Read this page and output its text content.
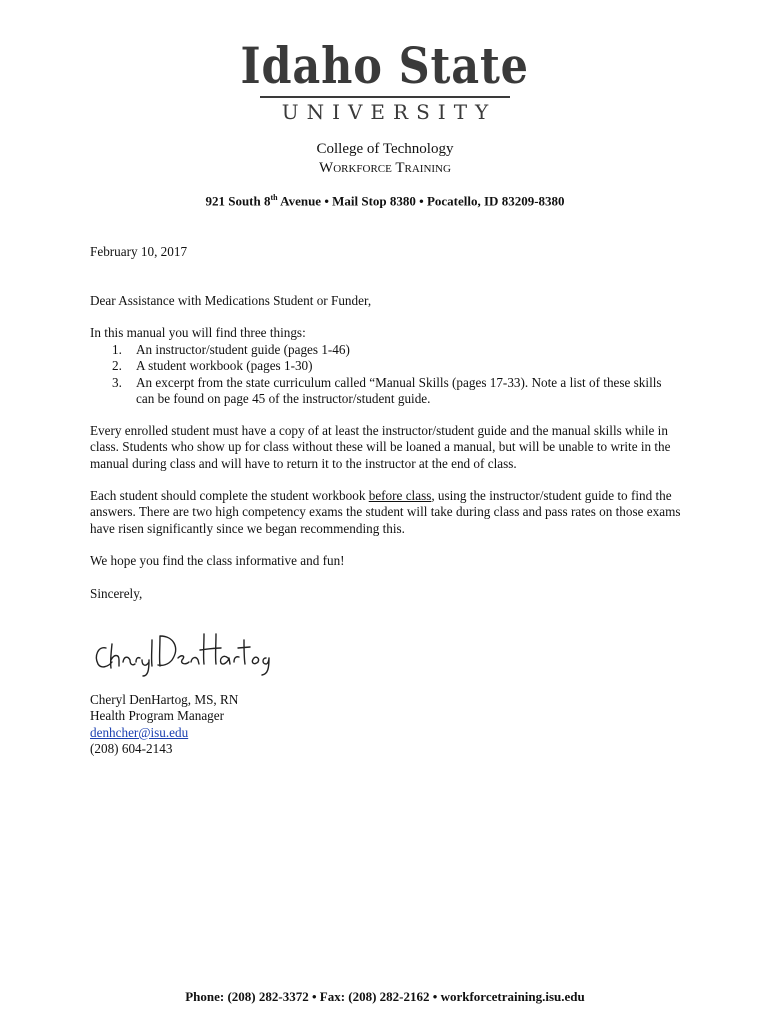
Idaho State
UNIVERSITY
College of Technology
Workforce Training
921 South 8th Avenue • Mail Stop 8380 • Pocatello, ID 83209-8380
February 10, 2017
Dear Assistance with Medications Student or Funder,
In this manual you will find three things:
1. An instructor/student guide (pages 1-46)
2. A student workbook (pages 1-30)
3. An excerpt from the state curriculum called “Manual Skills (pages 17-33). Note a list of these skills can be found on page 45 of the instructor/student guide.
Every enrolled student must have a copy of at least the instructor/student guide and the manual skills while in class. Students who show up for class without these will be loaned a manual, but will be unable to write in the manual during class and will have to return it to the instructor at the end of class.
Each student should complete the student workbook before class, using the instructor/student guide to find the answers. There are two high competency exams the student will take during class and pass rates on those exams have risen significantly since we began recommending this.
We hope you find the class informative and fun!
Sincerely,
Cheryl DenHartog, MS, RN
Health Program Manager
denhcher@isu.edu
(208) 604-2143
Phone: (208) 282-3372 • Fax: (208) 282-2162 • workforcetraining.isu.edu
